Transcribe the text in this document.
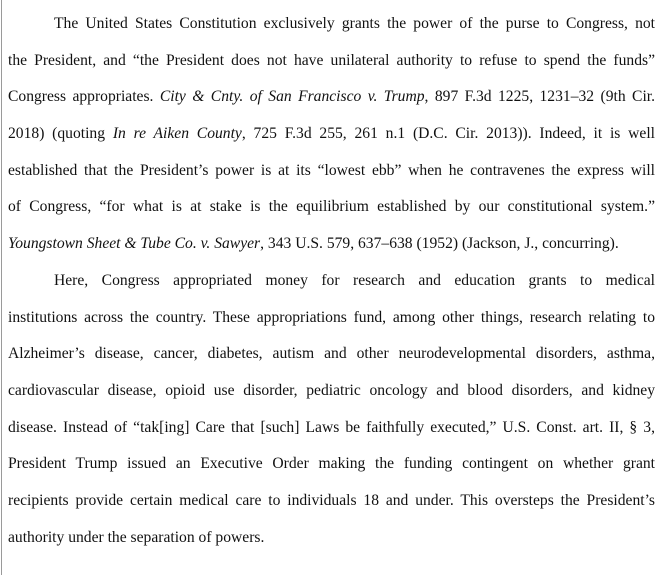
The United States Constitution exclusively grants the power of the purse to Congress, not
the President, and “the President does not have unilateral authority to refuse to spend the funds”
Congress appropriates. City & Cnty. of San Francisco v. Trump, 897 F.3d 1225, 1231–32 (9th Cir.
2018) (quoting In re Aiken County, 725 F.3d 255, 261 n.1 (D.C. Cir. 2013)). Indeed, it is well
established that the President’s power is at its “lowest ebb” when he contravenes the express will
of Congress, “for what is at stake is the equilibrium established by our constitutional system.”
Youngstown Sheet & Tube Co. v. Sawyer, 343 U.S. 579, 637–638 (1952) (Jackson, J., concurring).
Here, Congress appropriated money for research and education grants to medical
institutions across the country. These appropriations fund, among other things, research relating to
Alzheimer’s disease, cancer, diabetes, autism and other neurodevelopmental disorders, asthma,
cardiovascular disease, opioid use disorder, pediatric oncology and blood disorders, and kidney
disease. Instead of “tak[ing] Care that [such] Laws be faithfully executed,” U.S. Const. art. II, § 3,
President Trump issued an Executive Order making the funding contingent on whether grant
recipients provide certain medical care to individuals 18 and under. This oversteps the President’s
authority under the separation of powers.
